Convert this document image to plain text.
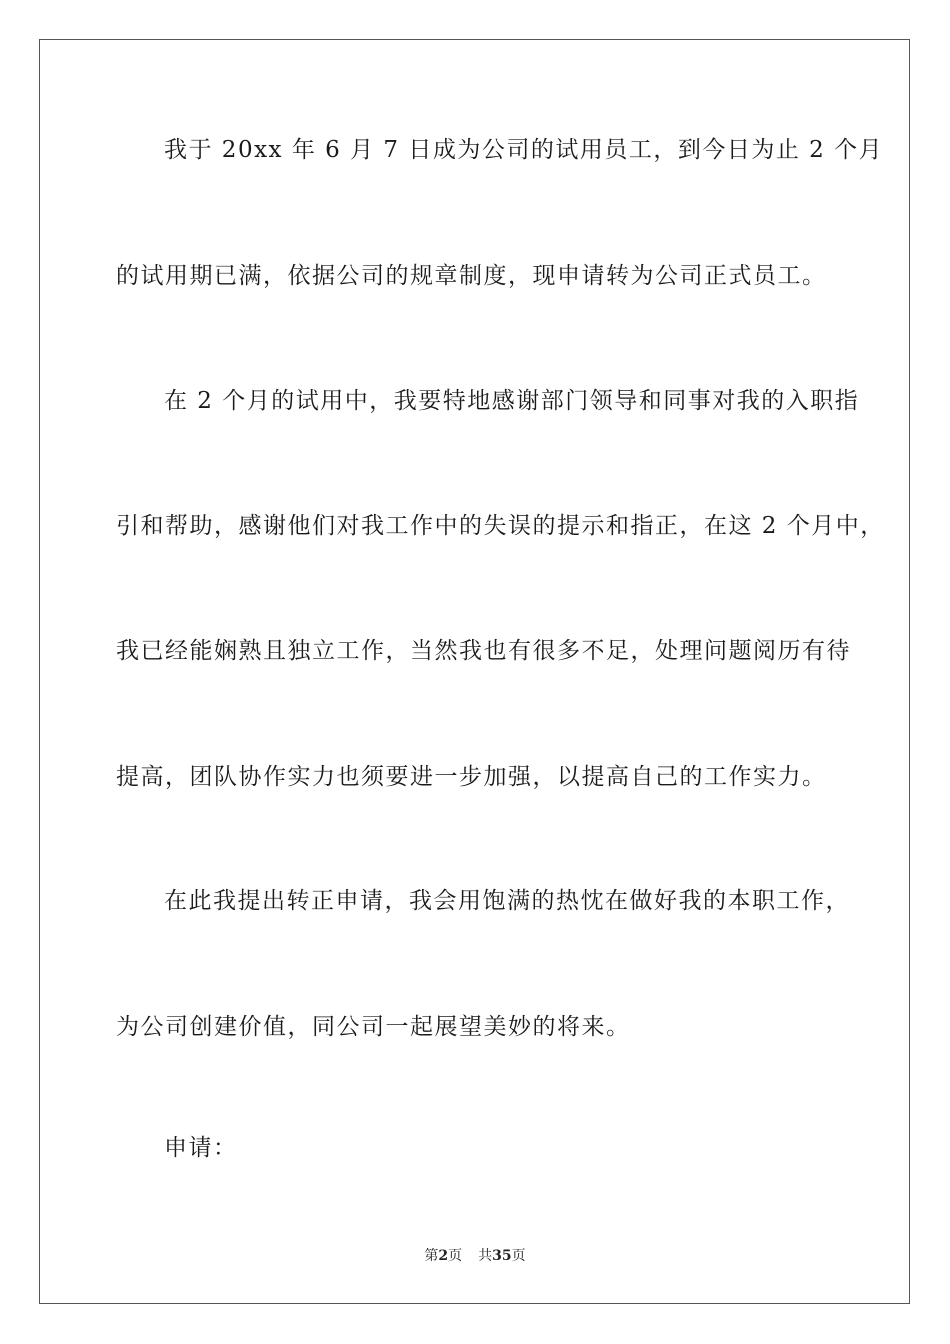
我于 20xx 年 6 月 7 日成为公司的试用员工，到今日为止 2 个月
的试用期已满，依据公司的规章制度，现申请转为公司正式员工。
在 2 个月的试用中，我要特地感谢部门领导和同事对我的入职指
引和帮助，感谢他们对我工作中的失误的提示和指正，在这 2 个月中，
我已经能娴熟且独立工作，当然我也有很多不足，处理问题阅历有待
提高，团队协作实力也须要进一步加强，以提高自己的工作实力。
在此我提出转正申请，我会用饱满的热忱在做好我的本职工作，
为公司创建价值，同公司一起展望美妙的将来。
申请：
第2页 共35页
